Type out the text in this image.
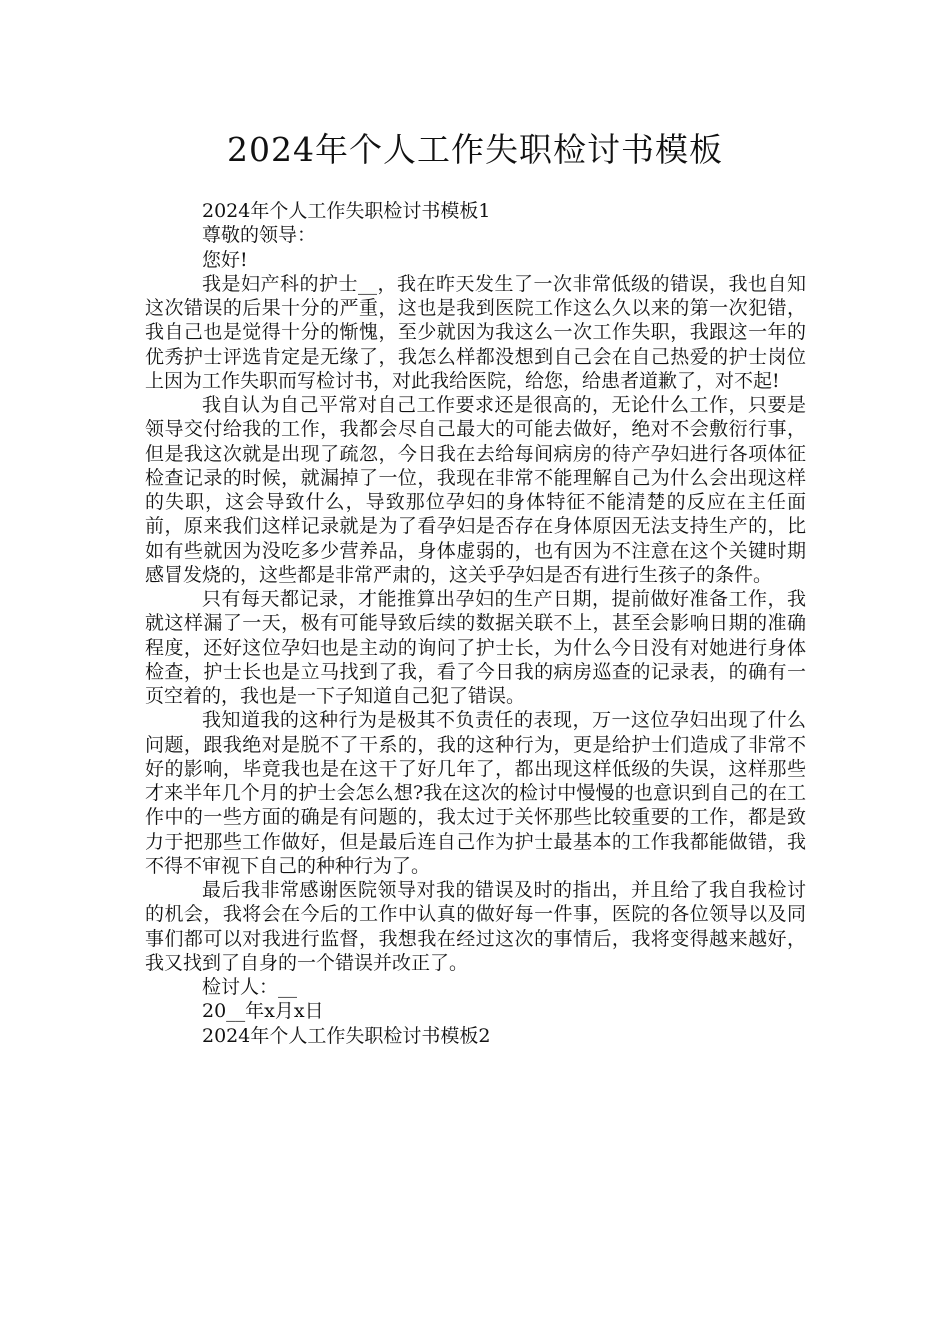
2024年个人工作失职检讨书模板

2024年个人工作失职检讨书模板1

尊敬的领导：

您好!

我是妇产科的护士__，我在昨天发生了一次非常低级的错误，我也自知这次错误的后果十分的严重，这也是我到医院工作这么久以来的第一次犯错，我自己也是觉得十分的惭愧，至少就因为我这么一次工作失职，我跟这一年的优秀护士评选肯定是无缘了，我怎么样都没想到自己会在自己热爱的护士岗位上因为工作失职而写检讨书，对此我给医院，给您，给患者道歉了，对不起!

我自认为自己平常对自己工作要求还是很高的，无论什么工作，只要是领导交付给我的工作，我都会尽自己最大的可能去做好，绝对不会敷衍行事，但是我这次就是出现了疏忽，今日我在去给每间病房的待产孕妇进行各项体征检查记录的时候，就漏掉了一位，我现在非常不能理解自己为什么会出现这样的失职，这会导致什么，导致那位孕妇的身体特征不能清楚的反应在主任面前，原来我们这样记录就是为了看孕妇是否存在身体原因无法支持生产的，比如有些就因为没吃多少营养品，身体虚弱的，也有因为不注意在这个关键时期感冒发烧的，这些都是非常严肃的，这关乎孕妇是否有进行生孩子的条件。

只有每天都记录，才能推算出孕妇的生产日期，提前做好准备工作，我就这样漏了一天，极有可能导致后续的数据关联不上，甚至会影响日期的准确程度，还好这位孕妇也是主动的询问了护士长，为什么今日没有对她进行身体检查，护士长也是立马找到了我，看了今日我的病房巡查的记录表，的确有一页空着的，我也是一下子知道自己犯了错误。

我知道我的这种行为是极其不负责任的表现，万一这位孕妇出现了什么问题，跟我绝对是脱不了干系的，我的这种行为，更是给护士们造成了非常不好的影响，毕竟我也是在这干了好几年了，都出现这样低级的失误，这样那些才来半年几个月的护士会怎么想?我在这次的检讨中慢慢的也意识到自己的在工作中的一些方面的确是有问题的，我太过于关怀那些比较重要的工作，都是致力于把那些工作做好，但是最后连自己作为护士最基本的工作我都能做错，我不得不审视下自己的种种行为了。

最后我非常感谢医院领导对我的错误及时的指出，并且给了我自我检讨的机会，我将会在今后的工作中认真的做好每一件事，医院的各位领导以及同事们都可以对我进行监督，我想我在经过这次的事情后，我将变得越来越好，我又找到了自身的一个错误并改正了。

检讨人：__

20__年x月x日

2024年个人工作失职检讨书模板2
